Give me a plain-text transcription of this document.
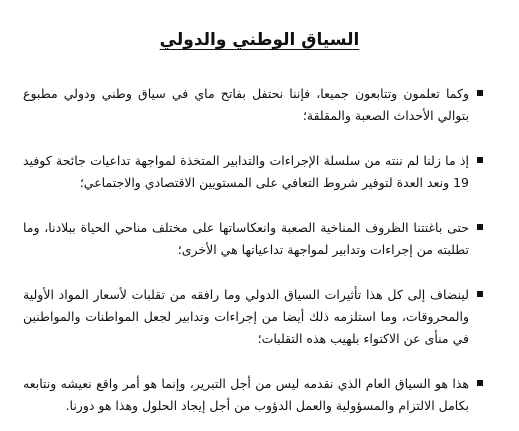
السياق الوطني والدولي
وكما تعلمون وتتابعون جميعا، فإننا نحتفل بفاتح ماي في سياق وطني ودولي مطبوع بتوالي الأحداث الصعبة والمقلقة؛
إذ ما زلنا لم ننته من سلسلة الإجراءات والتدابير المتخذة لمواجهة تداعيات جائحة كوفيد 19 ونعد العدة لتوفير شروط التعافي على المستويين الاقتصادي والاجتماعي؛
حتى باغتتنا الظروف المناخية الصعبة وانعكاساتها على مختلف مناحي الحياة ببلادنا، وما تطلبته من إجراءات وتدابير لمواجهة تداعياتها هي الأخرى؛
لينضاف إلى كل هذا تأثيرات السياق الدولي وما رافقه من تقلبات لأسعار المواد الأولية والمحروقات، وما استلزمه ذلك أيضا من إجراءات وتدابير لجعل المواطنات والمواطنين في منأى عن الاكتواء بلهيب هذه التقلبات؛
هذا هو السياق العام الذي نقدمه ليس من أجل التبرير، وإنما هو أمر واقع نعيشه ونتابعه بكامل الالتزام والمسؤولية والعمل الدؤوب من أجل إيجاد الحلول وهذا هو دورنا.
